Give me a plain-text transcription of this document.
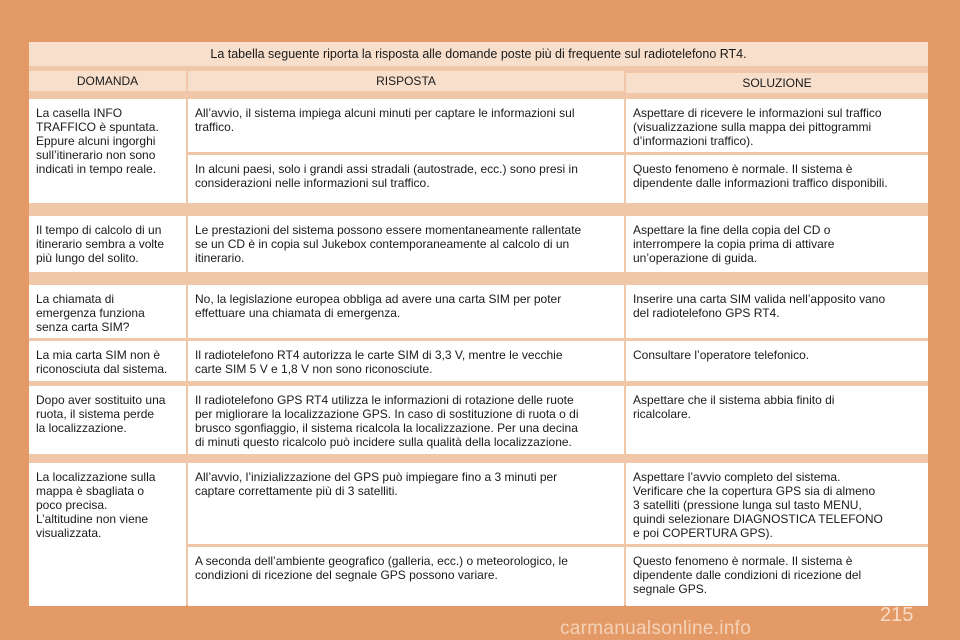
La tabella seguente riporta la risposta alle domande poste più di frequente sul radiotelefono RT4.
DOMANDA	RISPOSTA	SOLUZIONE
La casella INFO
TRAFFICO è spuntata.
Eppure alcuni ingorghi
sull’itinerario non sono
indicati in tempo reale.
All’avvio, il sistema impiega alcuni minuti per captare le informazioni sul
traffico.
Aspettare di ricevere le informazioni sul traffico
(visualizzazione sulla mappa dei pittogrammi
d’informazioni traffico).
In alcuni paesi, solo i grandi assi stradali (autostrade, ecc.) sono presi in
considerazioni nelle informazioni sul traffico.
Questo fenomeno è normale. Il sistema è
dipendente dalle informazioni traffico disponibili.
Il tempo di calcolo di un
itinerario sembra a volte
più lungo del solito.
Le prestazioni del sistema possono essere momentaneamente rallentate
se un CD è in copia sul Jukebox contemporaneamente al calcolo di un
itinerario.
Aspettare la fine della copia del CD o
interrompere la copia prima di attivare
un’operazione di guida.
La chiamata di
emergenza funziona
senza carta SIM?
No, la legislazione europea obbliga ad avere una carta SIM per poter
effettuare una chiamata di emergenza.
Inserire una carta SIM valida nell’apposito vano
del radiotelefono GPS RT4.
La mia carta SIM non è
riconosciuta dal sistema.
Il radiotelefono RT4 autorizza le carte SIM di 3,3 V, mentre le vecchie
carte SIM 5 V e 1,8 V non sono riconosciute.
Consultare l’operatore telefonico.
Dopo aver sostituito una
ruota, il sistema perde
la localizzazione.
Il radiotelefono GPS RT4 utilizza le informazioni di rotazione delle ruote
per migliorare la localizzazione GPS. In caso di sostituzione di ruota o di
brusco sgonfiaggio, il sistema ricalcola la localizzazione. Per una decina
di minuti questo ricalcolo può incidere sulla qualità della localizzazione.
Aspettare che il sistema abbia finito di
ricalcolare.
La localizzazione sulla
mappa è sbagliata o
poco precisa.
L’altitudine non viene
visualizzata.
All’avvio, l’inizializzazione del GPS può impiegare fino a 3 minuti per
captare correttamente più di 3 satelliti.
Aspettare l’avvio completo del sistema.
Verificare che la copertura GPS sia di almeno
3 satelliti (pressione lunga sul tasto MENU,
quindi selezionare DIAGNOSTICA TELEFONO
e poi COPERTURA GPS).
A seconda dell’ambiente geografico (galleria, ecc.) o meteorologico, le
condizioni di ricezione del segnale GPS possono variare.
Questo fenomeno è normale. Il sistema è
dipendente dalle condizioni di ricezione del
segnale GPS.
215
carmanualsonline.info
